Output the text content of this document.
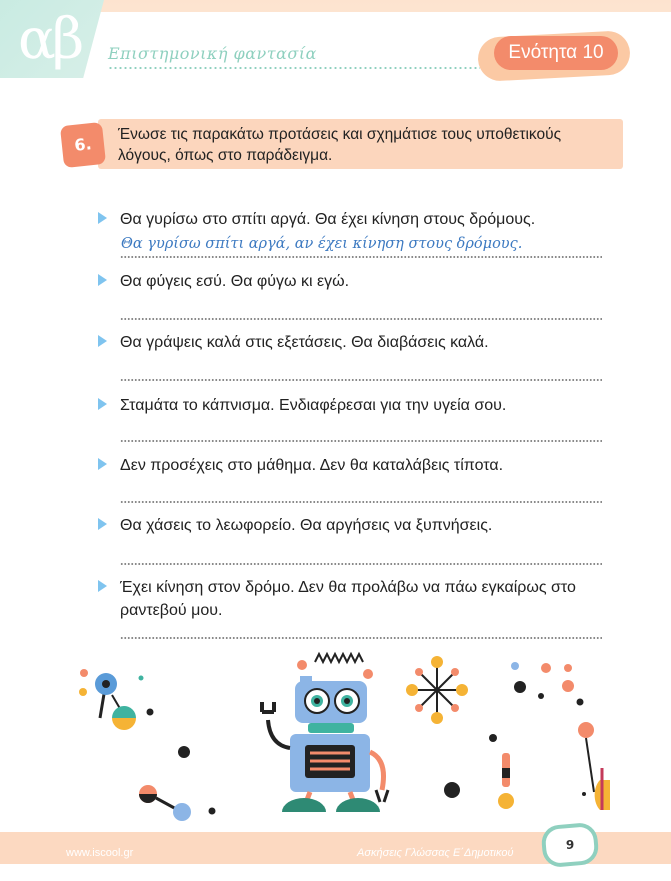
αβ Επιστημονική φαντασία	Ενότητα 10
6.	Ένωσε τις παρακάτω προτάσεις και σχημάτισε τους υποθετικούς λόγους, όπως στο παράδειγμα.
Θα γυρίσω στο σπίτι αργά. Θα έχει κίνηση στους δρόμους.
Θα γυρίσω σπίτι αργά, αν έχει κίνηση στους δρόμους.
Θα φύγεις εσύ. Θα φύγω κι εγώ.
Θα γράψεις καλά στις εξετάσεις. Θα διαβάσεις καλά.
Σταμάτα το κάπνισμα. Ενδιαφέρεσαι για την υγεία σου.
Δεν προσέχεις στο μάθημα. Δεν θα καταλάβεις τίποτα.
Θα χάσεις το λεωφορείο. Θα αργήσεις να ξυπνήσεις.
Έχει κίνηση στον δρόμο. Δεν θα προλάβω να πάω εγκαίρως στο ραντεβού μου.
www.iscool.gr	Ασκήσεις Γλώσσας Ε΄Δημοτικού
9
